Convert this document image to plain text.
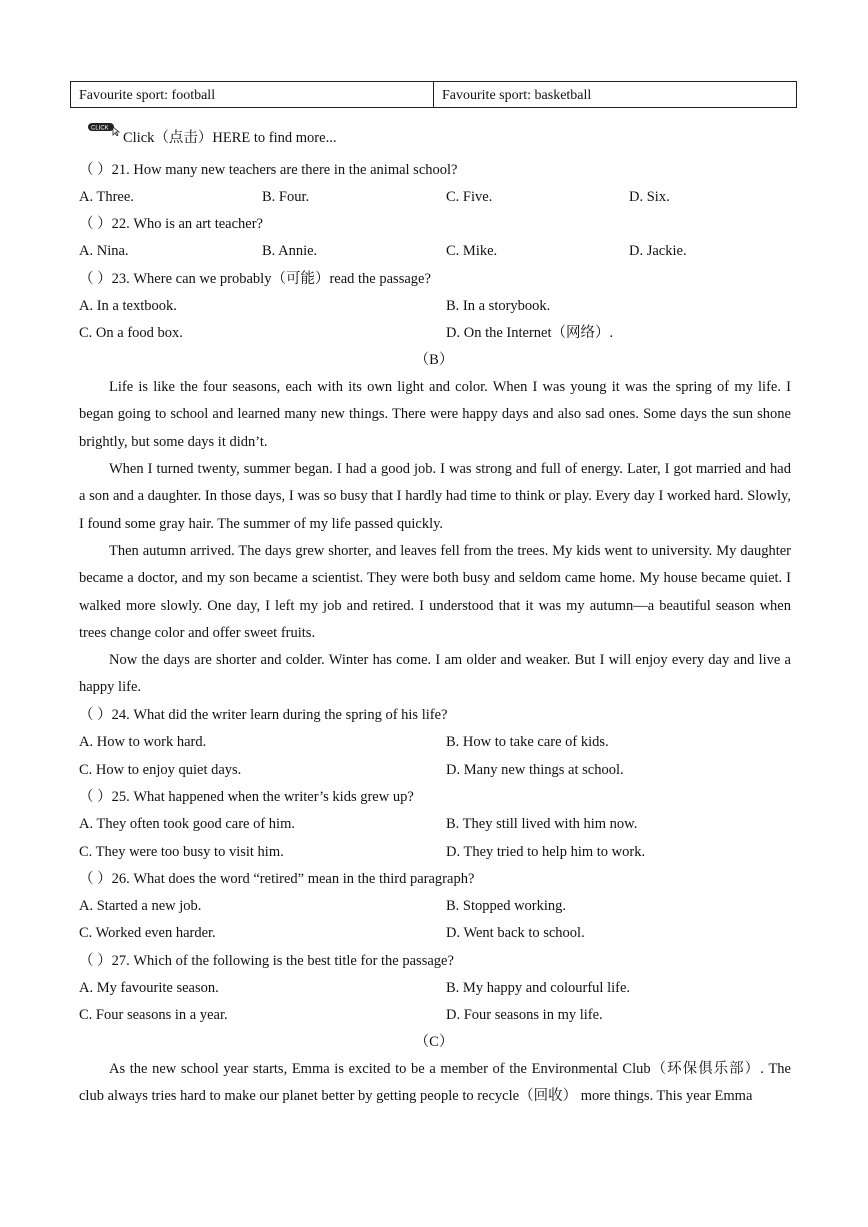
Favourite sport: football	Favourite sport: basketball
CLICK
Click（点击）HERE to find more...
（ ）21. How many new teachers are there in the animal school?
A. Three.	B. Four.	C. Five.	D. Six.
（ ）22. Who is an art teacher?
A. Nina.	B. Annie.	C. Mike.	D. Jackie.
（ ）23. Where can we probably（可能）read the passage?
A. In a textbook.	B. In a storybook.
C. On a food box.	D. On the Internet（网络）.
（B）
Life is like the four seasons, each with its own light and color. When I was young it was the spring of my life. I began going to school and learned many new things. There were happy days and also sad ones. Some days the sun shone brightly, but some days it didn’t.
When I turned twenty, summer began. I had a good job. I was strong and full of energy. Later, I got married and had a son and a daughter. In those days, I was so busy that I hardly had time to think or play. Every day I worked hard. Slowly, I found some gray hair. The summer of my life passed quickly.
Then autumn arrived. The days grew shorter, and leaves fell from the trees. My kids went to university. My daughter became a doctor, and my son became a scientist. They were both busy and seldom came home. My house became quiet. I walked more slowly. One day, I left my job and retired. I understood that it was my autumn—a beautiful season when trees change color and offer sweet fruits.
Now the days are shorter and colder. Winter has come. I am older and weaker. But I will enjoy every day and live a happy life.
（ ）24. What did the writer learn during the spring of his life?
A. How to work hard.	B. How to take care of kids.
C. How to enjoy quiet days.	D. Many new things at school.
（ ）25. What happened when the writer’s kids grew up?
A. They often took good care of him.	B. They still lived with him now.
C. They were too busy to visit him.	D. They tried to help him to work.
（ ）26. What does the word “retired” mean in the third paragraph?
A. Started a new job.	B. Stopped working.
C. Worked even harder.	D. Went back to school.
（ ）27. Which of the following is the best title for the passage?
A. My favourite season.	B. My happy and colourful life.
C. Four seasons in a year.	D. Four seasons in my life.
（C）
As the new school year starts, Emma is excited to be a member of the Environmental Club（环保俱乐部）. The club always tries hard to make our planet better by getting people to recycle（回收） more things. This year Emma
